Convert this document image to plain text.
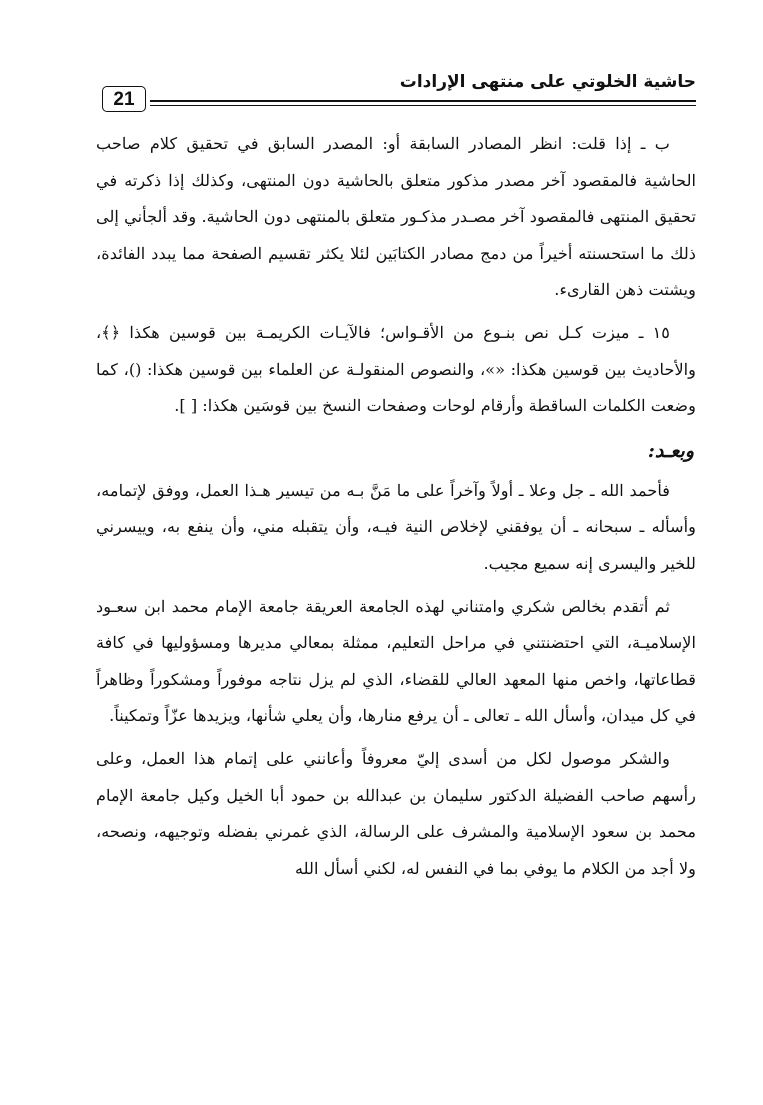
21
حاشية الخلوتي على منتهى الإرادات

ب ـ إذا قلت: انظر المصادر السابقة أو: المصدر السابق في تحقيق كلام صاحب الحاشية فالمقصود آخر مصدر مذكور متعلق بالحاشية دون المنتهى، وكذلك إذا ذكرته في تحقيق المنتهى فالمقصود آخر مصـدر مذكـور متعلق بالمنتهى دون الحاشية. وقد ألجأني إلى ذلك ما استحسنته أخيراً من دمج مصادر الكتابَين لئلا يكثر تقسيم الصفحة مما يبدد الفائدة، ويشتت ذهن القارىء.

١٥ ـ ميزت كـل نص بنـوع من الأقـواس؛ فالآيـات الكريمـة بين قوسين هكذا ﴿﴾، والأحاديث بين قوسين هكذا: «»، والنصوص المنقولـة عن العلماء بين قوسين هكذا: ()، كما وضعت الكلمات الساقطة وأرقام لوحات وصفحات النسخ بين قوسَين هكذا: [ ].

وبعـد:

فأحمد الله ـ جل وعلا ـ أولاً وآخراً على ما مَنَّ بـه من تيسير هـذا العمل، ووفق لإتمامه، وأسأله ـ سبحانه ـ أن يوفقني لإخلاص النية فيـه، وأن يتقبله مني، وأن ينفع به، وييسرني للخير واليسرى إنه سميع مجيب.

ثم أتقدم بخالص شكري وامتناني لهذه الجامعة العريقة جامعة الإمام محمد ابن سعـود الإسلاميـة، التي احتضنتني في مراحل التعليم، ممثلة بمعالي مديرها ومسؤوليها في كافة قطاعاتها، واخص منها المعهد العالي للقضاء، الذي لم يزل نتاجه موفوراً ومشكوراً وظاهراً في كل ميدان، وأسأل الله ـ تعالى ـ أن يرفع منارها، وأن يعلي شأنها، ويزيدها عزّاً وتمكيناً.

والشكر موصول لكل من أسدى إليّ معروفاً وأعانني على إتمام هذا العمل، وعلى رأسهم صاحب الفضيلة الدكتور سليمان بن عبدالله بن حمود أبا الخيل وكيل جامعة الإمام محمد بن سعود الإسلامية والمشرف على الرسالة، الذي غمرني بفضله وتوجيهه، ونصحه، ولا أجد من الكلام ما يوفي بما في النفس له، لكني أسأل الله
